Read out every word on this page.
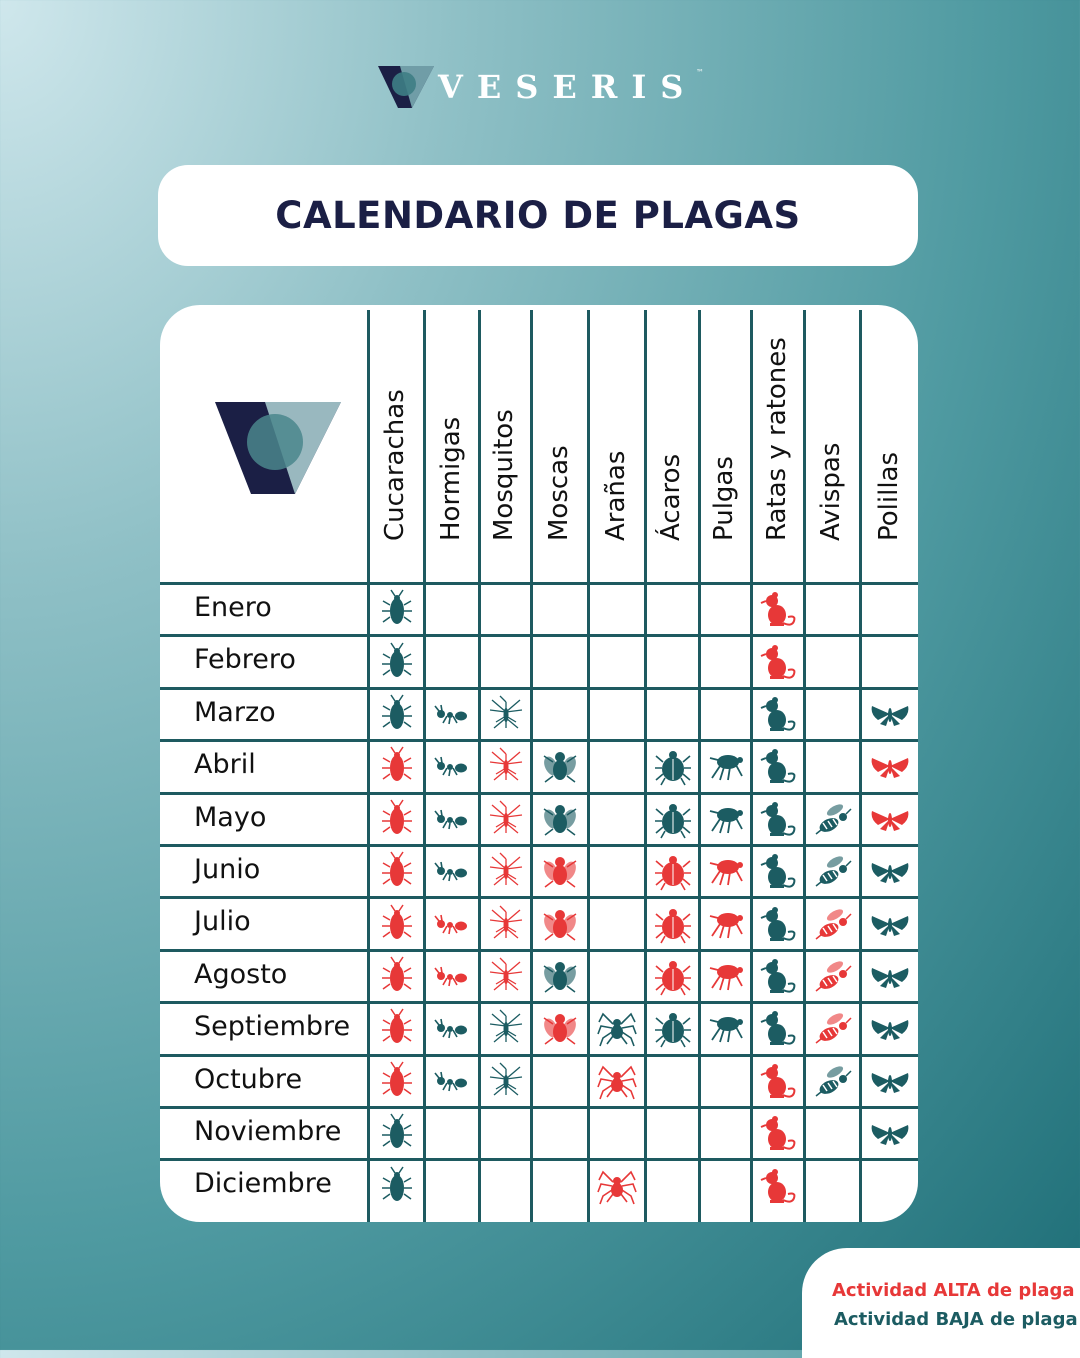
VESERIS
™
CALENDARIO DE PLAGAS
Cucarachas Hormigas Mosquitos Moscas Arañas Ácaros Pulgas Ratas y ratones Avispas Polillas
Enero
Febrero
Marzo
Abril
Mayo
Junio
Julio
Agosto
Septiembre
Octubre
Noviembre
Diciembre
Actividad ALTA de plaga
Actividad BAJA de plaga
